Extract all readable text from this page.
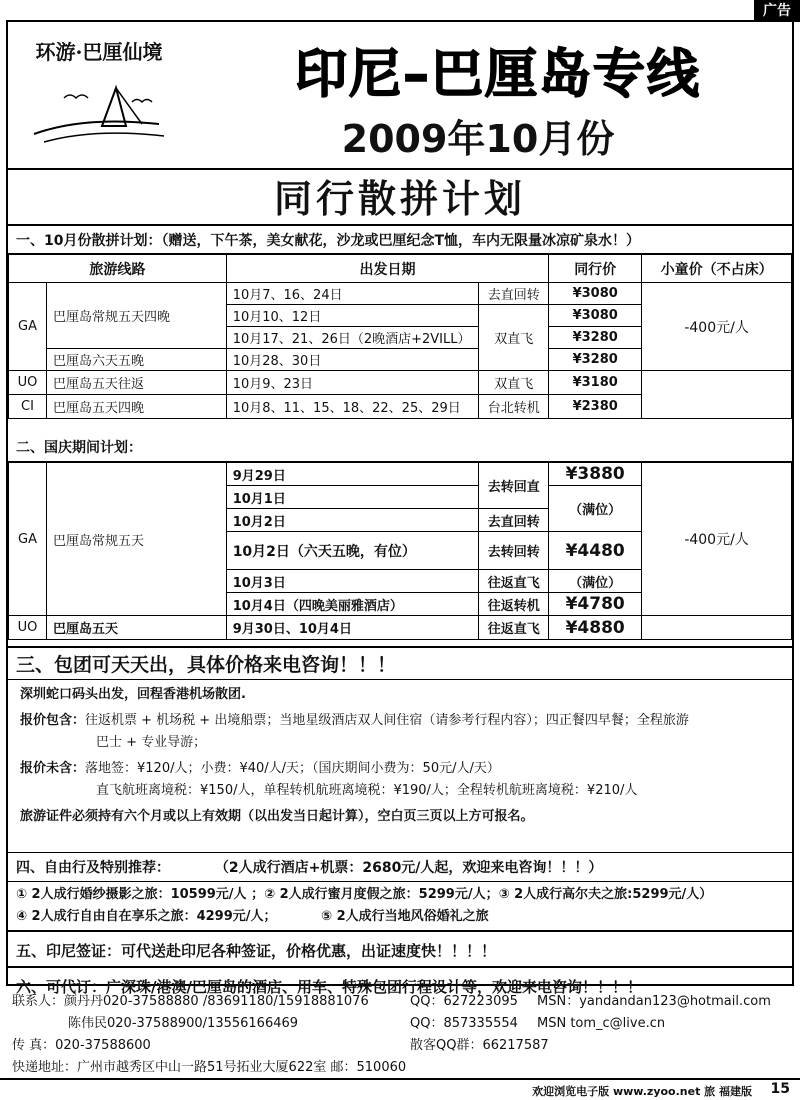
广告
环游·巴厘仙境	印尼–巴厘岛专线
2009年10月份
同行散拼计划
一、10月份散拼计划：（赠送，下午茶，美女献花，沙龙或巴厘纪念T恤，车内无限量冰凉矿泉水！）
旅游线路		出发日期		同行价	小童价（不占床）
GA	巴厘岛常规五天四晚	10月7、16、24日	去直回转	¥3080	-400元/人
		10月10、12日	双直飞	¥3080	
		10月17、21、26日（2晚酒店+2VILL）		¥3280	
	巴厘岛六天五晚	10月28、30日		¥3280	
UO	巴厘岛五天往返	10月9、23日	双直飞	¥3180	
CI	巴厘岛五天四晚	10月8、11、15、18、22、25、29日	台北转机	¥2380	
二、国庆期间计划：
GA	巴厘岛常规五天	9月29日	去转回直	¥3880	-400元/人
		10月1日		（满位）	
		10月2日	去直回转		
		10月2日（六天五晚，有位）	去转回转	¥4480	
		10月3日	往返直飞	（满位）	
		10月4日（四晚美丽雅酒店）	往返转机	¥4780	
UO	巴厘岛五天	9月30日、10月4日	往返直飞	¥4880	
三、包团可天天出，具体价格来电咨询！！！

深圳蛇口码头出发，回程香港机场散团.

报价包含：往返机票 + 机场税 + 出境船票；当地星级酒店双人间住宿（请参考行程内容）；四正餐四早餐；全程旅游

巴士 + 专业导游；

报价未含：落地签：¥120/人；小费：¥40/人/天；（国庆期间小费为：50元/人/天）

直飞航班离境税：¥150/人，单程转机航班离境税：¥190/人；全程转机航班离境税：¥210/人

旅游证件必须持有六个月或以上有效期（以出发当日起计算），空白页三页以上方可报名。

四、自由行及特别推荐：	（2人成行酒店+机票：2680元/人起，欢迎来电咨询！！！）
① 2人成行婚纱摄影之旅：10599元/人 ；② 2人成行蜜月度假之旅：5299元/人；③ 2人成行高尔夫之旅:5299元/人）
④ 2人成行自由自在享乐之旅：4299元/人；	⑤ 2人成行当地风俗婚礼之旅
五、印尼签证：可代送赴印尼各种签证，价格优惠，出证速度快！！！！
六、可代订：广深珠/港澳/巴厘岛的酒店、用车、特殊包团行程设计等，欢迎来电咨询！！！！
联系人：颜丹丹020-37588880 /83691180/15918881076	QQ：627223095 MSN：yandandan123@hotmail.com
陈伟民020-37588900/13556166469	QQ：857335554 MSN tom_c@live.cn
传 真：020-37588600	散客QQ群：66217587
快递地址：广州市越秀区中山一路51号拓业大厦622室 邮：510060
欢迎浏览电子版 www.zyoo.net 旅 福建版 15
